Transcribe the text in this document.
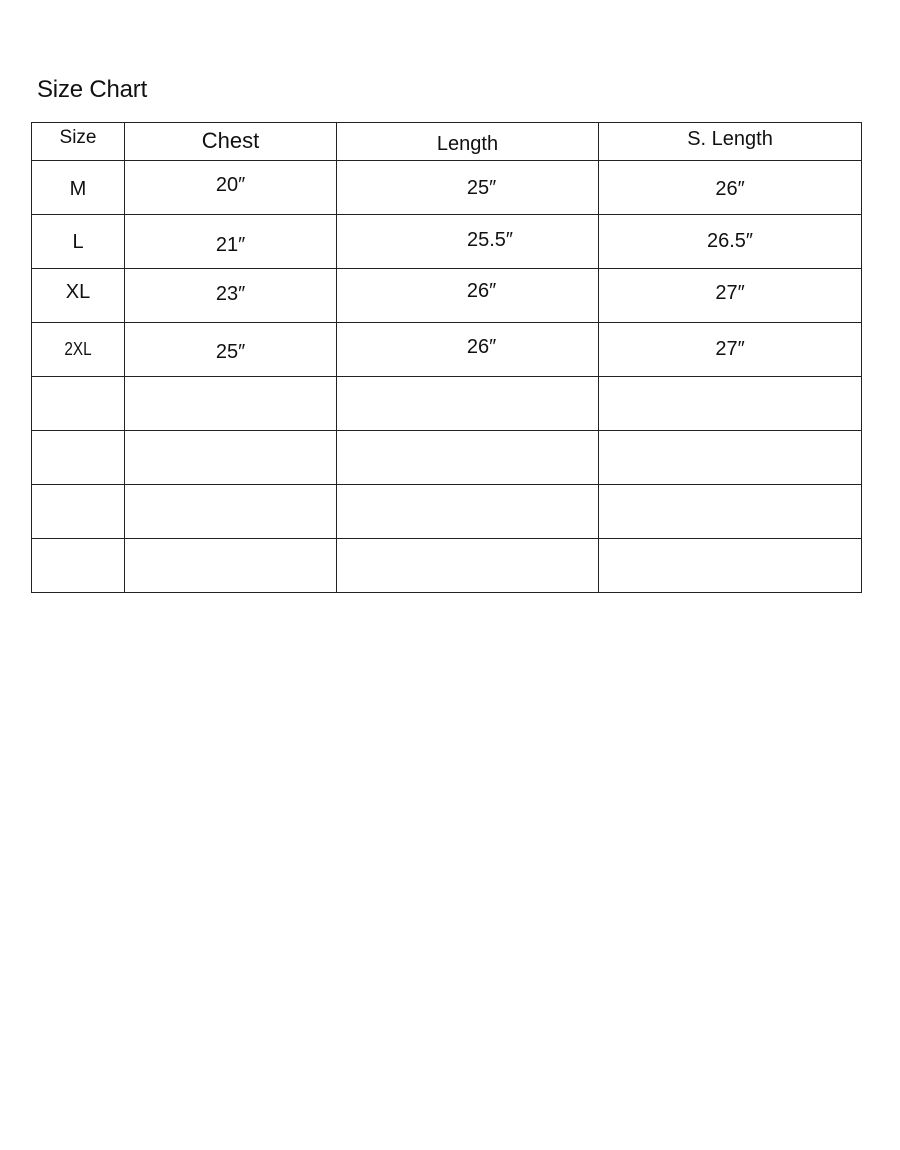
Size Chart
Size	Chest	Length	S. Length
M	20″	25″	26″
L	21″	25.5″	26.5″
XL	23″	26″	27″
2XL	25″	26″	27″
